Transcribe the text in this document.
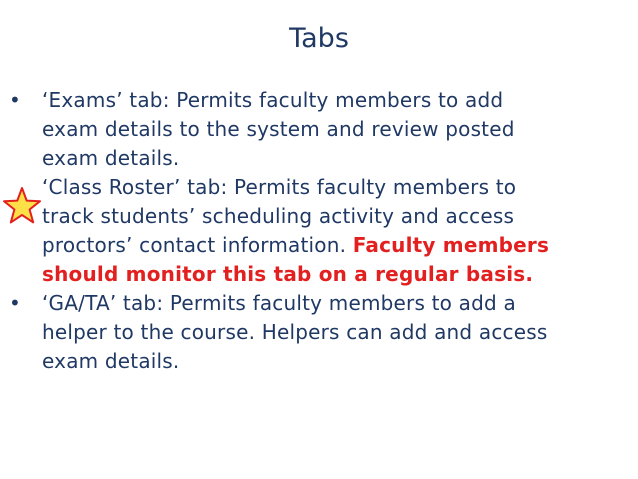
Tabs
• ‘Exams’ tab: Permits faculty members to add
exam details to the system and review posted
exam details.
‘Class Roster’ tab: Permits faculty members to
track students’ scheduling activity and access
proctors’ contact information. Faculty members
should monitor this tab on a regular basis.
• ‘GA/TA’ tab: Permits faculty members to add a
helper to the course. Helpers can add and access
exam details.
